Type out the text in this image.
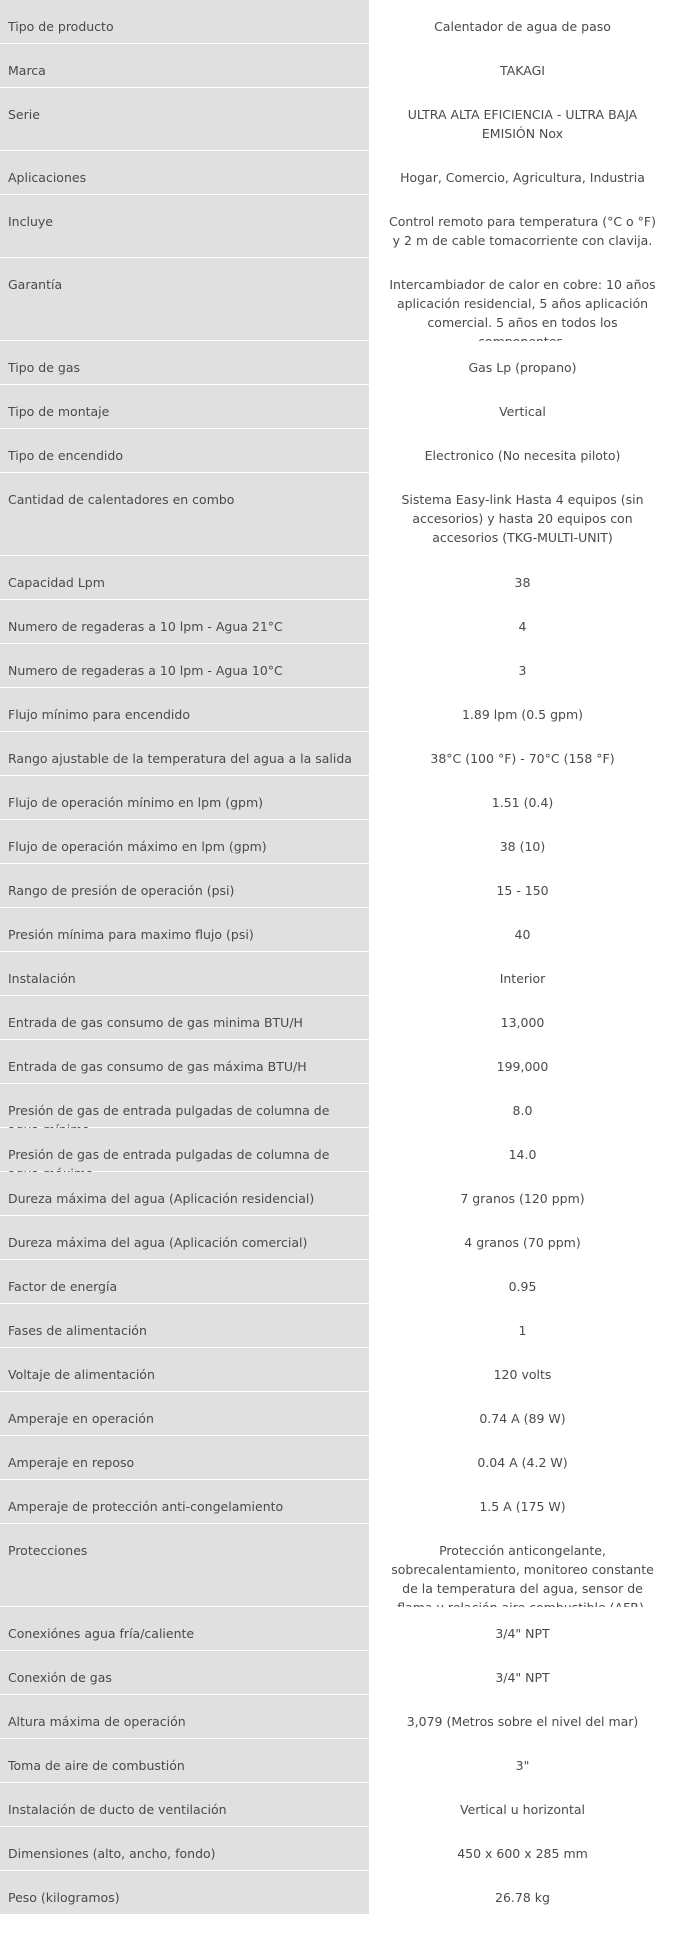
Tipo de producto	Calentador de agua de paso
Marca	TAKAGI
Serie	ULTRA ALTA EFICIENCIA - ULTRA BAJA EMISIÓN Nox
Aplicaciones	Hogar, Comercio, Agricultura, Industria
Incluye	Control remoto para temperatura (°C o °F) y 2 m de cable tomacorriente con clavija.
Garantía	Intercambiador de calor en cobre: 10 años aplicación residencial, 5 años aplicación comercial. 5 años en todos los
Tipo de gas	Gas Lp (propano)
Tipo de montaje	Vertical
Tipo de encendido	Electronico (No necesita piloto)
Cantidad de calentadores en combo	Sistema Easy-link Hasta 4 equipos (sin accesorios) y hasta 20 equipos con accesorios (TKG-MULTI-UNIT)
Capacidad Lpm	38
Numero de regaderas a 10 lpm - Agua 21°C	4
Numero de regaderas a 10 lpm - Agua 10°C	3
Flujo mínimo para encendido	1.89 lpm (0.5 gpm)
Rango ajustable de la temperatura del agua a la salida	38°C (100 °F) - 70°C (158 °F)
Flujo de operación mínimo en lpm (gpm)	1.51 (0.4)
Flujo de operación máximo en lpm (gpm)	38 (10)
Rango de presión de operación (psi)	15 - 150
Presión mínima para maximo flujo (psi)	40
Instalación	Interior
Entrada de gas consumo de gas minima BTU/H	13,000
Entrada de gas consumo de gas máxima BTU/H	199,000
Presión de gas de entrada pulgadas de columna de	8.0
Presión de gas de entrada pulgadas de columna de	14.0
Dureza máxima del agua (Aplicación residencial)	7 granos (120 ppm)
Dureza máxima del agua (Aplicación comercial)	4 granos (70 ppm)
Factor de energía	0.95
Fases de alimentación	1
Voltaje de alimentación	120 volts
Amperaje en operación	0.74 A (89 W)
Amperaje en reposo	0.04 A (4.2 W)
Amperaje de protección anti-congelamiento	1.5 A (175 W)
Protecciones	Protección anticongelante, sobrecalentamiento, monitoreo constante de la temperatura del agua, sensor de
Conexiónes agua fría/caliente	3/4" NPT
Conexión de gas	3/4" NPT
Altura máxima de operación	3,079 (Metros sobre el nivel del mar)
Toma de aire de combustión	3"
Instalación de ducto de ventilación	Vertical u horizontal
Dimensiones (alto, ancho, fondo)	450 x 600 x 285 mm
Peso (kilogramos)	26.78 kg
